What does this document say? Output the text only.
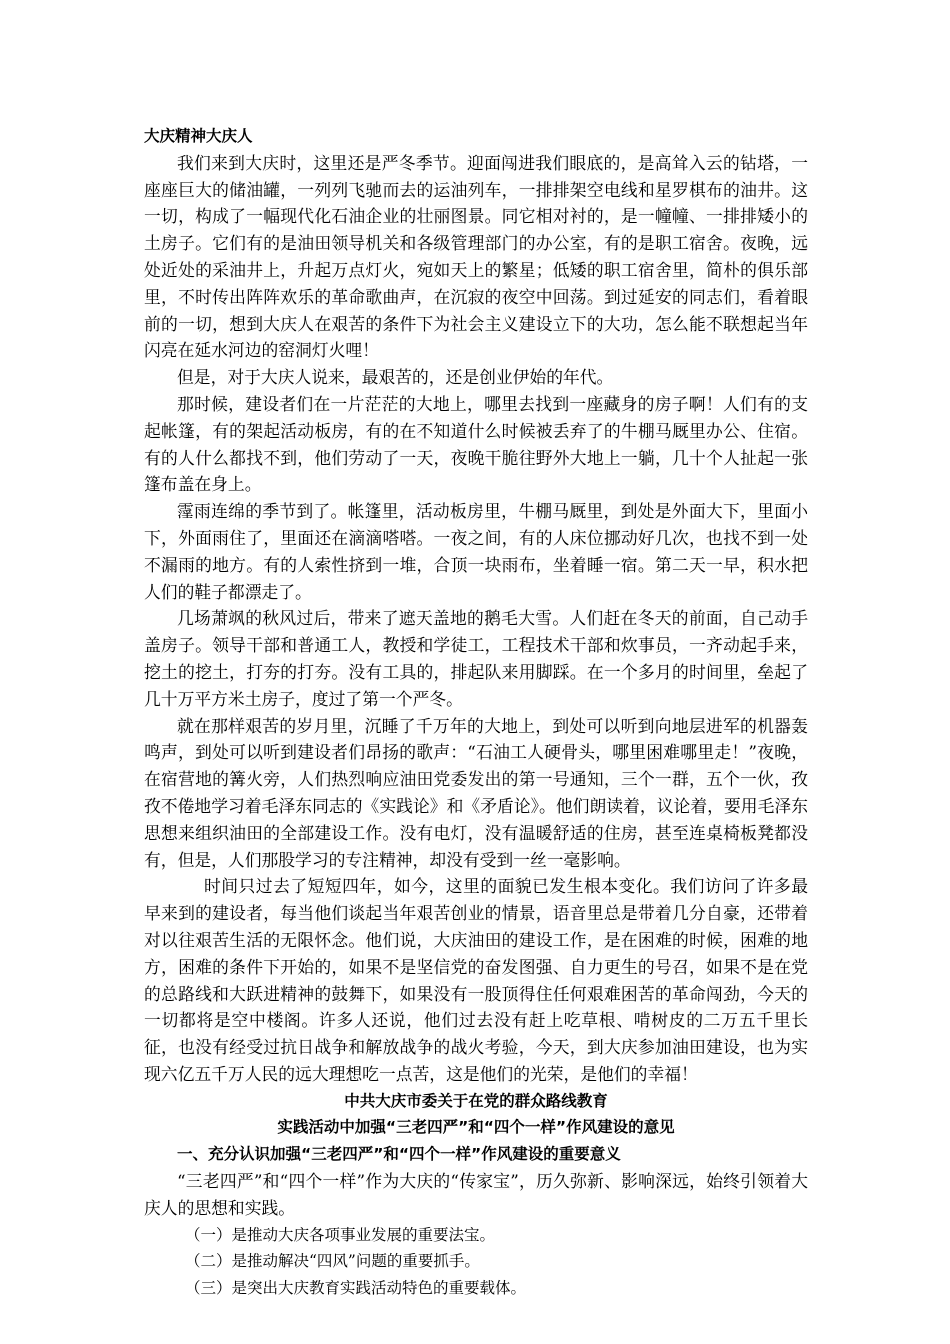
大庆精神大庆人

我们来到大庆时，这里还是严冬季节。迎面闯进我们眼底的，是高耸入云的钻塔，一座座巨大的储油罐，一列列飞驰而去的运油列车，一排排架空电线和星罗棋布的油井。这一切，构成了一幅现代化石油企业的壮丽图景。同它相对衬的，是一幢幢、一排排矮小的土房子。它们有的是油田领导机关和各级管理部门的办公室，有的是职工宿舍。夜晚，远处近处的采油井上，升起万点灯火，宛如天上的繁星；低矮的职工宿舍里，简朴的俱乐部里，不时传出阵阵欢乐的革命歌曲声，在沉寂的夜空中回荡。到过延安的同志们，看着眼前的一切，想到大庆人在艰苦的条件下为社会主义建设立下的大功，怎么能不联想起当年闪亮在延水河边的窑洞灯火哩！

但是，对于大庆人说来，最艰苦的，还是创业伊始的年代。

那时候，建设者们在一片茫茫的大地上，哪里去找到一座藏身的房子啊！人们有的支起帐篷，有的架起活动板房，有的在不知道什么时候被丢弃了的牛棚马厩里办公、住宿。有的人什么都找不到，他们劳动了一天，夜晚干脆往野外大地上一躺，几十个人扯起一张篷布盖在身上。

霪雨连绵的季节到了。帐篷里，活动板房里，牛棚马厩里，到处是外面大下，里面小下，外面雨住了，里面还在滴滴嗒嗒。一夜之间，有的人床位挪动好几次，也找不到一处不漏雨的地方。有的人索性挤到一堆，合顶一块雨布，坐着睡一宿。第二天一早，积水把人们的鞋子都漂走了。

几场萧飒的秋风过后，带来了遮天盖地的鹅毛大雪。人们赶在冬天的前面，自己动手盖房子。领导干部和普通工人，教授和学徒工，工程技术干部和炊事员，一齐动起手来，挖土的挖土，打夯的打夯。没有工具的，排起队来用脚踩。在一个多月的时间里，垒起了几十万平方米土房子，度过了第一个严冬。

就在那样艰苦的岁月里，沉睡了千万年的大地上，到处可以听到向地层进军的机器轰鸣声，到处可以听到建设者们昂扬的歌声：“石油工人硬骨头，哪里困难哪里走！”夜晚，在宿营地的篝火旁，人们热烈响应油田党委发出的第一号通知，三个一群，五个一伙，孜孜不倦地学习着毛泽东同志的《实践论》和《矛盾论》。他们朗读着，议论着，要用毛泽东思想来组织油田的全部建设工作。没有电灯，没有温暖舒适的住房，甚至连桌椅板凳都没有，但是，人们那股学习的专注精神，却没有受到一丝一毫影响。

时间只过去了短短四年，如今，这里的面貌已发生根本变化。我们访问了许多最早来到的建设者，每当他们谈起当年艰苦创业的情景，语音里总是带着几分自豪，还带着对以往艰苦生活的无限怀念。他们说，大庆油田的建设工作，是在困难的时候，困难的地方，困难的条件下开始的，如果不是坚信党的奋发图强、自力更生的号召，如果不是在党的总路线和大跃进精神的鼓舞下，如果没有一股顶得住任何艰难困苦的革命闯劲，今天的一切都将是空中楼阁。许多人还说，他们过去没有赶上吃草根、啃树皮的二万五千里长征，也没有经受过抗日战争和解放战争的战火考验，今天，到大庆参加油田建设，也为实现六亿五千万人民的远大理想吃一点苦，这是他们的光荣，是他们的幸福！

中共大庆市委关于在党的群众路线教育

实践活动中加强“三老四严”和“四个一样”作风建设的意见

一、充分认识加强“三老四严”和“四个一样”作风建设的重要意义

“三老四严”和“四个一样”作为大庆的“传家宝”，历久弥新、影响深远，始终引领着大庆人的思想和实践。

（一）是推动大庆各项事业发展的重要法宝。

（二）是推动解决“四风”问题的重要抓手。

（三）是突出大庆教育实践活动特色的重要载体。
